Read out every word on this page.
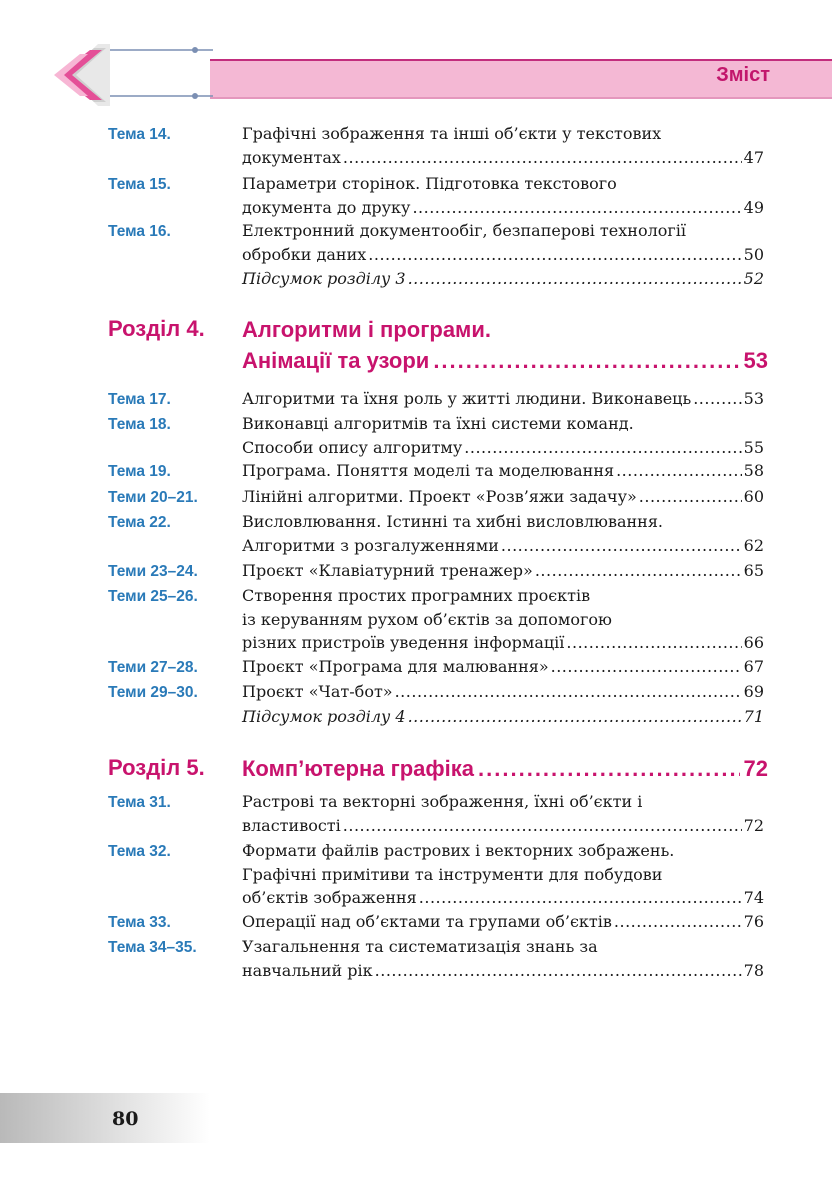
Зміст
Тема 14.	Графічні зображення та інші об’єкти у текстових
документах .....	47
Тема 15.	Параметри сторінок. Підготовка текстового
документа до друку .....	49
Тема 16.	Електронний документообіг, безпаперові технології
обробки даних .....	50
Підсумок розділу 3 .....	52
Розділ 4. Алгоритми і програми.
Анімації та узори .....	53
Тема 17.	Алгоритми та їхня роль у житті людини. Виконавець .....	53
Тема 18.	Виконавці алгоритмів та їхні системи команд.
Способи опису алгоритму .....	55
Тема 19.	Програма. Поняття моделі та моделювання .....	58
Теми 20–21.	Лінійні алгоритми. Проект «Розв’яжи задачу» .....	60
Тема 22.	Висловлювання. Істинні та хибні висловлювання.
Алгоритми з розгалуженнями .....	62
Теми 23–24.	Проєкт «Клавіатурний тренажер» .....	65
Теми 25–26.	Створення простих програмних проєктів
із керуванням рухом об’єктів за допомогою
різних пристроїв уведення інформації .....	66
Теми 27–28.	Проєкт «Програма для малювання» .....	67
Теми 29–30.	Проєкт «Чат-бот» .....	69
Підсумок розділу 4 .....	71
Розділ 5. Комп’ютерна графіка .....	72
Тема 31.	Растрові та векторні зображення, їхні об’єкти і
властивості .....	72
Тема 32.	Формати файлів растрових і векторних зображень.
Графічні примітиви та інструменти для побудови
об’єктів зображення .....	74
Тема 33.	Операції над об’єктами та групами об’єктів .....	76
Тема 34–35.	Узагальнення та систематизація знань за
навчальний рік .....	78
80
